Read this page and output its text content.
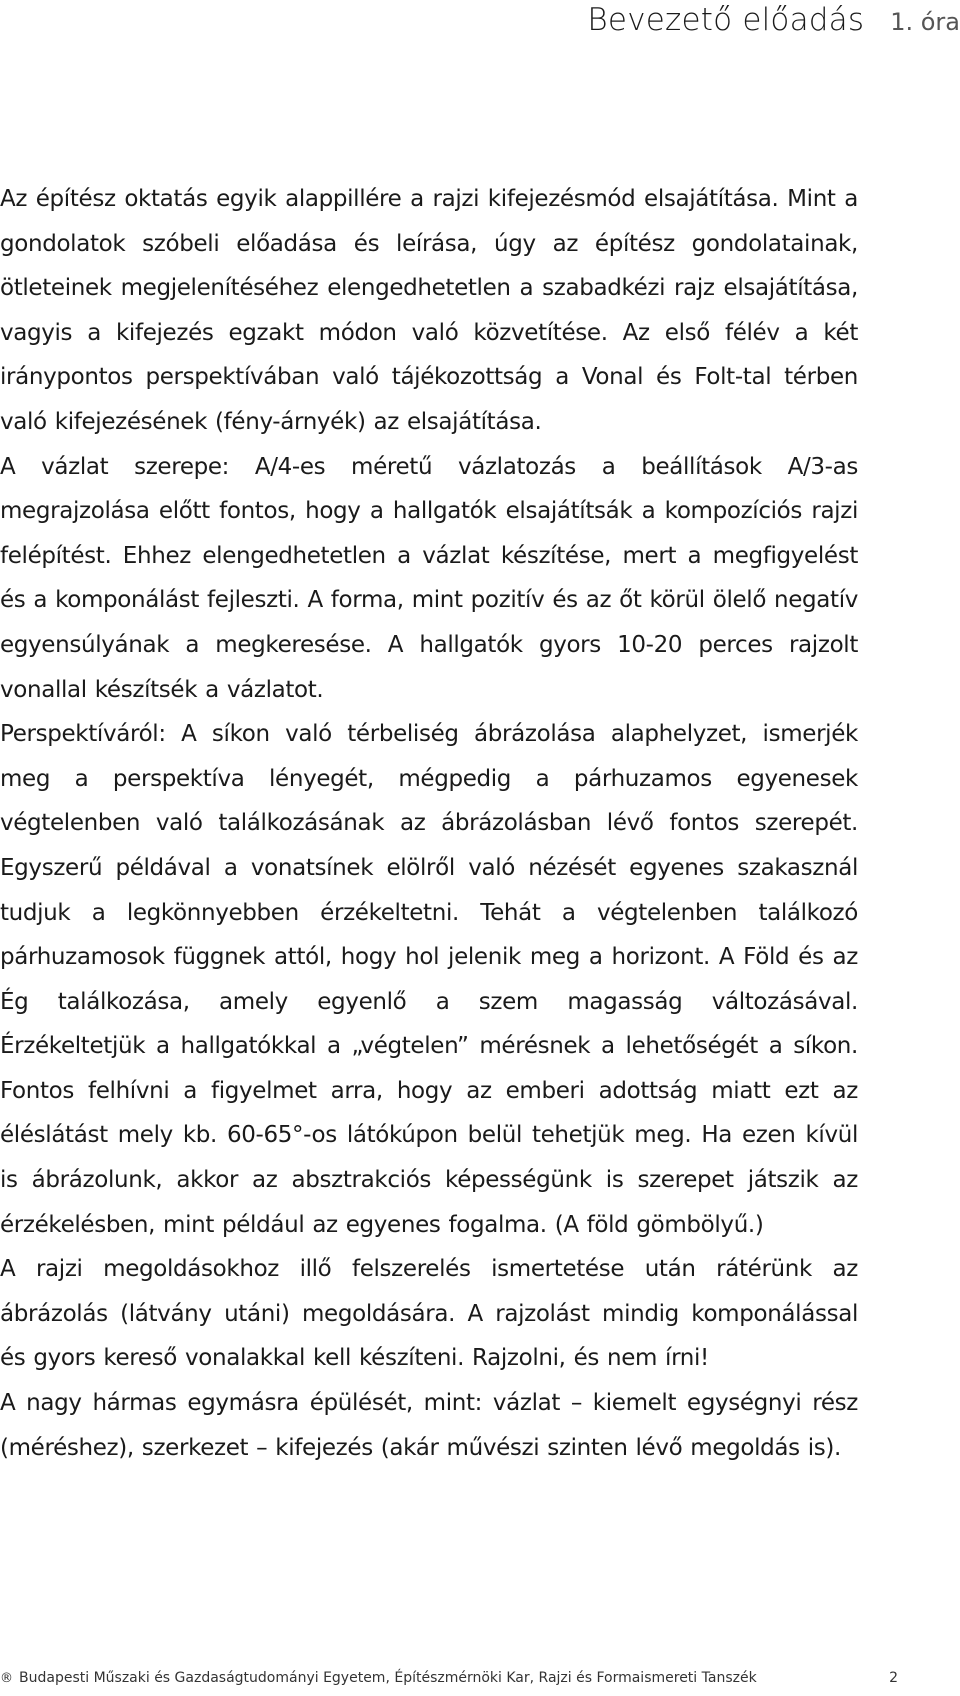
Bevezető előadás 1. óra

Az építész oktatás egyik alappillére a rajzi kifejezésmód elsajátítása. Mint a gondolatok szóbeli előadása és leírása, úgy az építész gondolatainak, ötleteinek megjelenítéséhez elengedhetetlen a szabadkézi rajz elsajátítása, vagyis a kifejezés egzakt módon való közvetítése. Az első félév a két iránypontos perspektívában való tájékozottság a Vonal és Folt-tal térben való kifejezésének (fény-árnyék) az elsajátítása.

A vázlat szerepe: A/4-es méretű vázlatozás a beállítások A/3-as megrajzolása előtt fontos, hogy a hallgatók elsajátítsák a kompozíciós rajzi felépítést. Ehhez elengedhetetlen a vázlat készítése, mert a megfigyelést és a komponálást fejleszti. A forma, mint pozitív és az őt körül ölelő negatív egyensúlyának a megkeresése. A hallgatók gyors 10-20 perces rajzolt vonallal készítsék a vázlatot.

Perspektíváról: A síkon való térbeliség ábrázolása alaphelyzet, ismerjék meg a perspektíva lényegét, mégpedig a párhuzamos egyenesek végtelenben való találkozásának az ábrázolásban lévő fontos szerepét. Egyszerű példával a vonatsínek elölről való nézését egyenes szakasznál tudjuk a legkönnyebben érzékeltetni. Tehát a végtelenben találkozó párhuzamosok függnek attól, hogy hol jelenik meg a horizont. A Föld és az Ég találkozása, amely egyenlő a szem magasság változásával. Érzékeltetjük a hallgatókkal a „végtelen” mérésnek a lehetőségét a síkon. Fontos felhívni a figyelmet arra, hogy az emberi adottság miatt ezt az éléslátást mely kb. 60-65°-os látókúpon belül tehetjük meg. Ha ezen kívül is ábrázolunk, akkor az absztrakciós képességünk is szerepet játszik az érzékelésben, mint például az egyenes fogalma. (A föld gömbölyű.)

A rajzi megoldásokhoz illő felszerelés ismertetése után rátérünk az ábrázolás (látvány utáni) megoldására. A rajzolást mindig komponálással és gyors kereső vonalakkal kell készíteni. Rajzolni, és nem írni!

A nagy hármas egymásra épülését, mint: vázlat – kiemelt egységnyi rész (méréshez), szerkezet – kifejezés (akár művészi szinten lévő megoldás is).

® Budapesti Műszaki és Gazdaságtudományi Egyetem, Építészmérnöki Kar, Rajzi és Formaismereti Tanszék	2
